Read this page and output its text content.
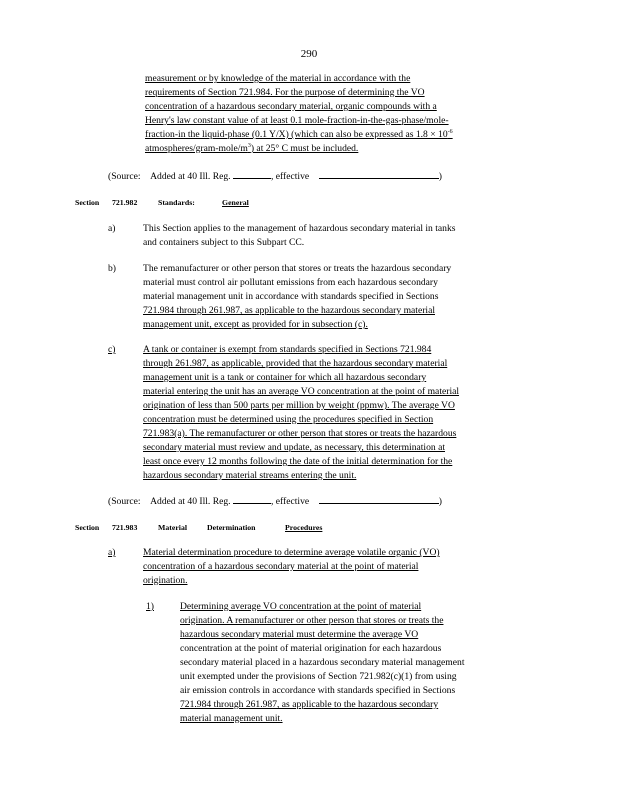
290
measurement or by knowledge of the material in accordance with the
requirements of Section 721.984. For the purpose of determining the VO
concentration of a hazardous secondary material, organic compounds with a
Henry's law constant value of at least 0.1 mole-fraction-in-the-gas-phase/mole-
fraction-in the liquid-phase (0.1 Y/X) (which can also be expressed as $1.8 \times 10^{-6}$
atmospheres/$gram-mole/m^3$) at 25° C must be included.
(Source: Added at 40 Ill. Reg.	, effective	)
Section 721.982	Standards:	General
a)	This Section applies to the management of hazardous secondary material in tanks
and containers subject to this Subpart CC.
b)	The remanufacturer or other person that stores or treats the hazardous secondary
material must control air pollutant emissions from each hazardous secondary
material management unit in accordance with standards specified in Sections
721.984 through 261.987, as applicable to the hazardous secondary material
management unit, except as provided for in subsection (c).
c)	A tank or container is exempt from standards specified in Sections 721.984
through 261.987, as applicable, provided that the hazardous secondary material
management unit is a tank or container for which all hazardous secondary
material entering the unit has an average VO concentration at the point of material
origination of less than 500 parts per million by weight (ppmw). The average VO
concentration must be determined using the procedures specified in Section
721.983(a). The remanufacturer or other person that stores or treats the hazardous
secondary material must review and update, as necessary, this determination at
least once every 12 months following the date of the initial determination for the
hazardous secondary material streams entering the unit.
(Source: Added at 40 Ill. Reg.	, effective	)
Section 721.983	Material	Determination	Procedures
a)	Material determination procedure to determine average volatile organic (VO)
concentration of a hazardous secondary material at the point of material
origination.
1)	Determining average VO concentration at the point of material
origination. A remanufacturer or other person that stores or treats the
hazardous secondary material must determine the average VO
concentration at the point of material origination for each hazardous
secondary material placed in a hazardous secondary material management
unit exempted under the provisions of Section 721.982(c)(1) from using
air emission controls in accordance with standards specified in Sections
721.984 through 261.987, as applicable to the hazardous secondary
material management unit.
